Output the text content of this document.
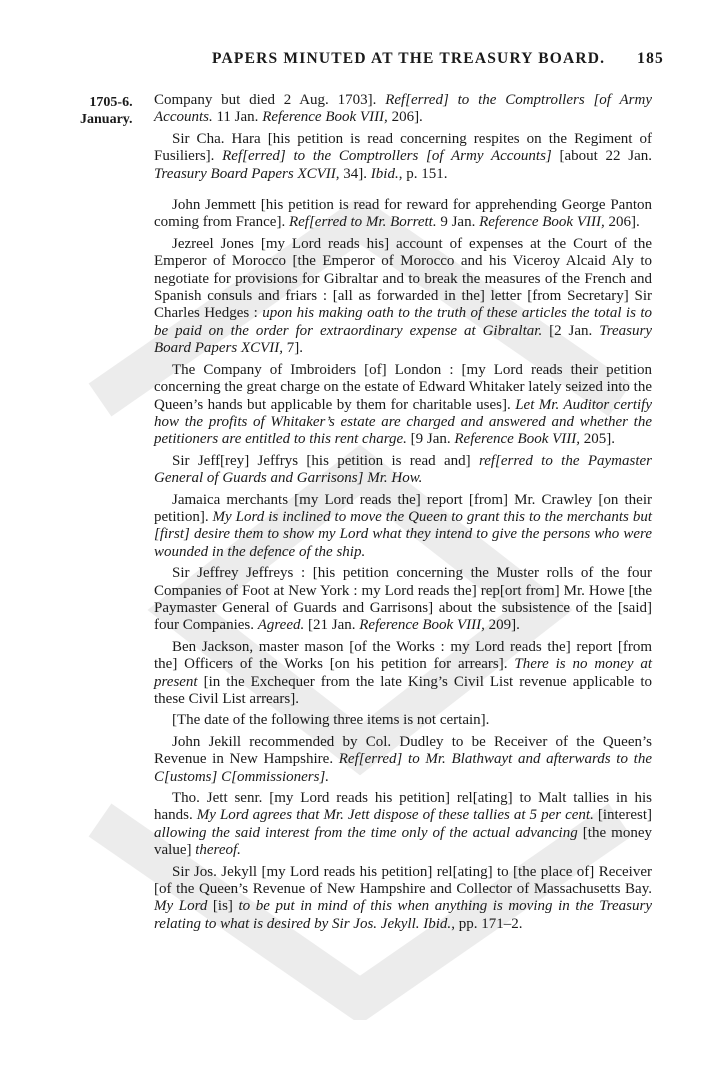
PAPERS MINUTED AT THE TREASURY BOARD. 185
1705-6.
January.

Company but died 2 Aug. 1703]. Ref[erred] to the Comptrollers [of Army Accounts. 11 Jan. Reference Book VIII, 206].

Sir Cha. Hara [his petition is read concerning respites on the Regiment of Fusiliers]. Ref[erred] to the Comptrollers [of Army Accounts] [about 22 Jan. Treasury Board Papers XCVII, 34]. Ibid., p. 151.

John Jemmett [his petition is read for reward for apprehending George Panton coming from France]. Ref[erred to Mr. Borrett. 9 Jan. Reference Book VIII, 206].

Jezreel Jones [my Lord reads his] account of expenses at the Court of the Emperor of Morocco [the Emperor of Morocco and his Viceroy Alcaid Aly to negotiate for provisions for Gibraltar and to break the measures of the French and Spanish consuls and friars : [all as forwarded in the] letter [from Secretary] Sir Charles Hedges : upon his making oath to the truth of these articles the total is to be paid on the order for extraordinary expense at Gibraltar. [2 Jan. Treasury Board Papers XCVII, 7].

The Company of Imbroiders [of] London : [my Lord reads their petition concerning the great charge on the estate of Edward Whitaker lately seized into the Queen’s hands but applicable by them for charitable uses]. Let Mr. Auditor certify how the profits of Whitaker’s estate are charged and answered and whether the petitioners are entitled to this rent charge. [9 Jan. Reference Book VIII, 205].

Sir Jeff[rey] Jeffrys [his petition is read and] ref[erred to the Paymaster General of Guards and Garrisons] Mr. How.

Jamaica merchants [my Lord reads the] report [from] Mr. Crawley [on their petition]. My Lord is inclined to move the Queen to grant this to the merchants but [first] desire them to show my Lord what they intend to give the persons who were wounded in the defence of the ship.

Sir Jeffrey Jeffreys : [his petition concerning the Muster rolls of the four Companies of Foot at New York : my Lord reads the] rep[ort from] Mr. Howe [the Paymaster General of Guards and Garrisons] about the subsistence of the [said] four Companies. Agreed. [21 Jan. Reference Book VIII, 209].

Ben Jackson, master mason [of the Works : my Lord reads the] report [from the] Officers of the Works [on his petition for arrears]. There is no money at present [in the Exchequer from the late King’s Civil List revenue applicable to these Civil List arrears].

[The date of the following three items is not certain].

John Jekill recommended by Col. Dudley to be Receiver of the Queen’s Revenue in New Hampshire. Ref[erred] to Mr. Blathwayt and afterwards to the C[ustoms] C[ommissioners].

Tho. Jett senr. [my Lord reads his petition] rel[ating] to Malt tallies in his hands. My Lord agrees that Mr. Jett dispose of these tallies at 5 per cent. [interest] allowing the said interest from the time only of the actual advancing [the money value] thereof.

Sir Jos. Jekyll [my Lord reads his petition] rel[ating] to [the place of] Receiver [of the Queen’s Revenue of New Hampshire and Collector of Massachusetts Bay. My Lord [is] to be put in mind of this when anything is moving in the Treasury relating to what is desired by Sir Jos. Jekyll. Ibid., pp. 171–2.
